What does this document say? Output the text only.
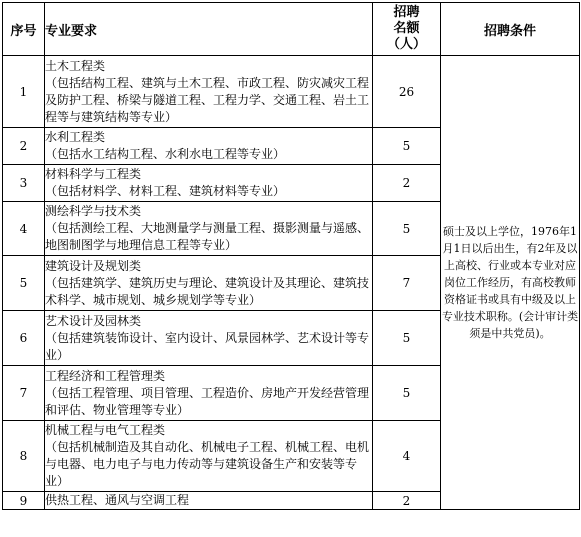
序号	专业要求	招聘
名额
（人）	招聘条件
1	土木工程类
（包括结构工程、建筑与土木工程、市政工程、防灾减灾工程及防护工程、桥梁与隧道工程、工程力学、交通工程、岩土工程等与建筑结构等专业）	26	硕士及以上学位，1976年1月1日以后出生，有2年及以上高校、行业或本专业对应岗位工作经历，有高校教师资格证书或具有中级及以上专业技术职称。(会计审计类须是中共党员)。
2	水利工程类
（包括水工结构工程、水利水电工程等专业）	5	
3	材料科学与工程类
（包括材料学、材料工程、建筑材料等专业）	2	
4	测绘科学与技术类
（包括测绘工程、大地测量学与测量工程、摄影测量与遥感、地图制图学与地理信息工程等专业）	5	
5	建筑设计及规划类
（包括建筑学、建筑历史与理论、建筑设计及其理论、建筑技术科学、城市规划、城乡规划学等专业）	7	
6	艺术设计及园林类
（包括建筑装饰设计、室内设计、风景园林学、艺术设计等专业）	5	
7	工程经济和工程管理类
（包括工程管理、项目管理、工程造价、房地产开发经营管理和评估、物业管理等专业）	5	
8	机械工程与电气工程类
（包括机械制造及其自动化、机械电子工程、机械工程、电机与电器、电力电子与电力传动等与建筑设备生产和安装等专业）	4	
9	供热工程、通风与空调工程	2	
